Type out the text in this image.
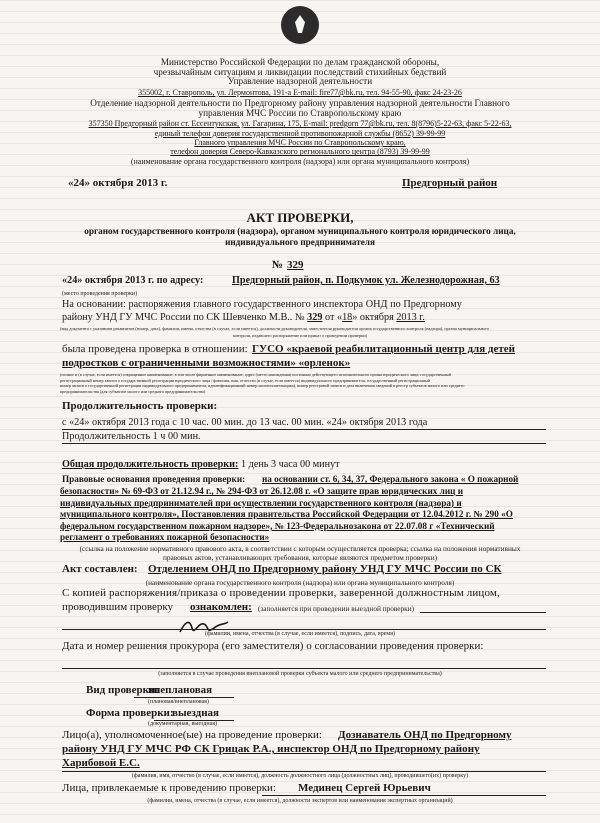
Министерство Российской Федерации по делам гражданской обороны,
чрезвычайным ситуациям и ликвидации последствий стихийных бедствий
Управление надзорной деятельности
355002, г. Ставрополь, ул. Лермонтова, 191-а E-mail: fire77@bk.ru, тел. 94-55-90, факс 24-23-26
Отделение надзорной деятельности по Предгорному району управления надзорной деятельности Главного
управления МЧС России по Ставропольскому краю
357350 Предгорный район ст. Ессентукская, ул. Гагарина, 175, E-mail: predgorn 77@bk.ru, тел. 8(8796)5-22-63, факс 5-22-63,
единый телефон доверия государственной противопожарной службы (8652) 39-99-99
Главного управления МЧС России по Ставропольскому краю,
телефон доверия Северо-Кавказского регионального центра (8793) 39-99-99
(наименование органа государственного контроля (надзора) или органа муниципального контроля)
«24» октября 2013 г.	Предгорный район
АКТ ПРОВЕРКИ,
органом государственного контроля (надзора), органом муниципального контроля юридического лица,
индивидуального предпринимателя
№ 329
«24» октября 2013 г. по адресу:	Предгорный район, п. Подкумок ул. Железнодорожная, 63
(место проведения проверки)
На основании: распоряжения главного государственного инспектора ОНД по Предгорному
району УНД ГУ МЧС России по СК Шевченко М.В.. № 329 от «18» октября 2013 г.
(вид документа с указанием реквизитов (номер, дата), фамилии, имени, отчества (в случае, если имеется), должности руководителя, заместителя руководителя органа государственного контроля (надзора), органа муниципального
контроля, издавшего распоряжение или приказ о проведении проверки)
была проведена проверка в отношении: ГУСО «краевой реабилитационный центр для детей
подростков с ограниченными возможностями» «орленок»
(полное и (в случае, если имеется) сокращенное наименование, в том числе фирменное наименование, адрес (место нахождения) постоянно действующего исполнительного органа юридического лица, государственный
регистрационный номер записи о государственной регистрации юридического лица / фамилия, имя, отчество (в случае, если имеется) индивидуального предпринимателя, государственный регистрационный
номер записи о государственной регистрации индивидуального предпринимателя, идентификационный номер налогоплательщика), номер реестровой записи и дата включения сведений в реестр субъектов малого или среднего
предпринимательства (для субъектов малого или среднего предпринимательства)
Продолжительность проверки:
с «24» октября 2013 года с 10 час. 00 мин. до 13 час. 00 мин. «24» октября 2013 года
Продолжительность 1 ч 00 мин.
Общая продолжительность проверки: 1 день 3 часа 00 минут
Правовые основания проведения проверки: на основании ст. 6, 34, 37, Федерального закона « О пожарной
безопасности» № 69-ФЗ от 21.12.94 г., № 294-ФЗ от 26.12.08 г. «О защите прав юридических лиц и
индивидуальных предпринимателей при осуществлении государственного контроля (надзора) и
муниципального контроля», Постановления правительства Российской Федерации от 12.04.2012 г. № 290 «О
федеральном государственном пожарном надзоре», № 123-Федеральнозакона от 22.07.08 г «Технический
регламент о требованиях пожарной безопасности»
(ссылка на положение нормативного правового акта, в соответствии с которым осуществляется проверка; ссылка на положения нормативных
правовых актов, устанавливающих требования, которые являются предметом проверки)
Акт составлен: Отделением ОНД по Предгорному району УНД ГУ МЧС России по СК
(наименование органа государственного контроля (надзора) или органа муниципального контроля)
С копией распоряжения/приказа о проведении проверки, заверенной должностным лицом,
проводившим проверку ознакомлен: (заполняется при проведении выездной проверки)
(фамилии, имена, отчества (в случае, если имеется), подпись, дата, время)
Дата и номер решения прокурора (его заместителя) о согласовании проведения проверки:
(заполняется в случае проведения внеплановой проверки субъекта малого или среднего предпринимательства)
Вид проверки:
внеплановая
(плановая/внеплановая)
Форма проверки:
выездная
(документарная, выездная)
Лицо(а), уполномоченное(ые) на проведение проверки: Дознаватель ОНД по Предгорному
району УНД ГУ МЧС РФ СК Грицак Р.А., инспектор ОНД по Предгорному району
Харибовой Е.С.
(фамилия, имя, отчество (в случае, если имеется), должность должностного лица (должностных лиц), проводившего(их) проверку)
Лица, привлекаемые к проведению проверки: Мединец Сергей Юрьевич
(фамилии, имена, отчества (в случае, если имеется), должности экспертов или наименования экспертных организаций)
